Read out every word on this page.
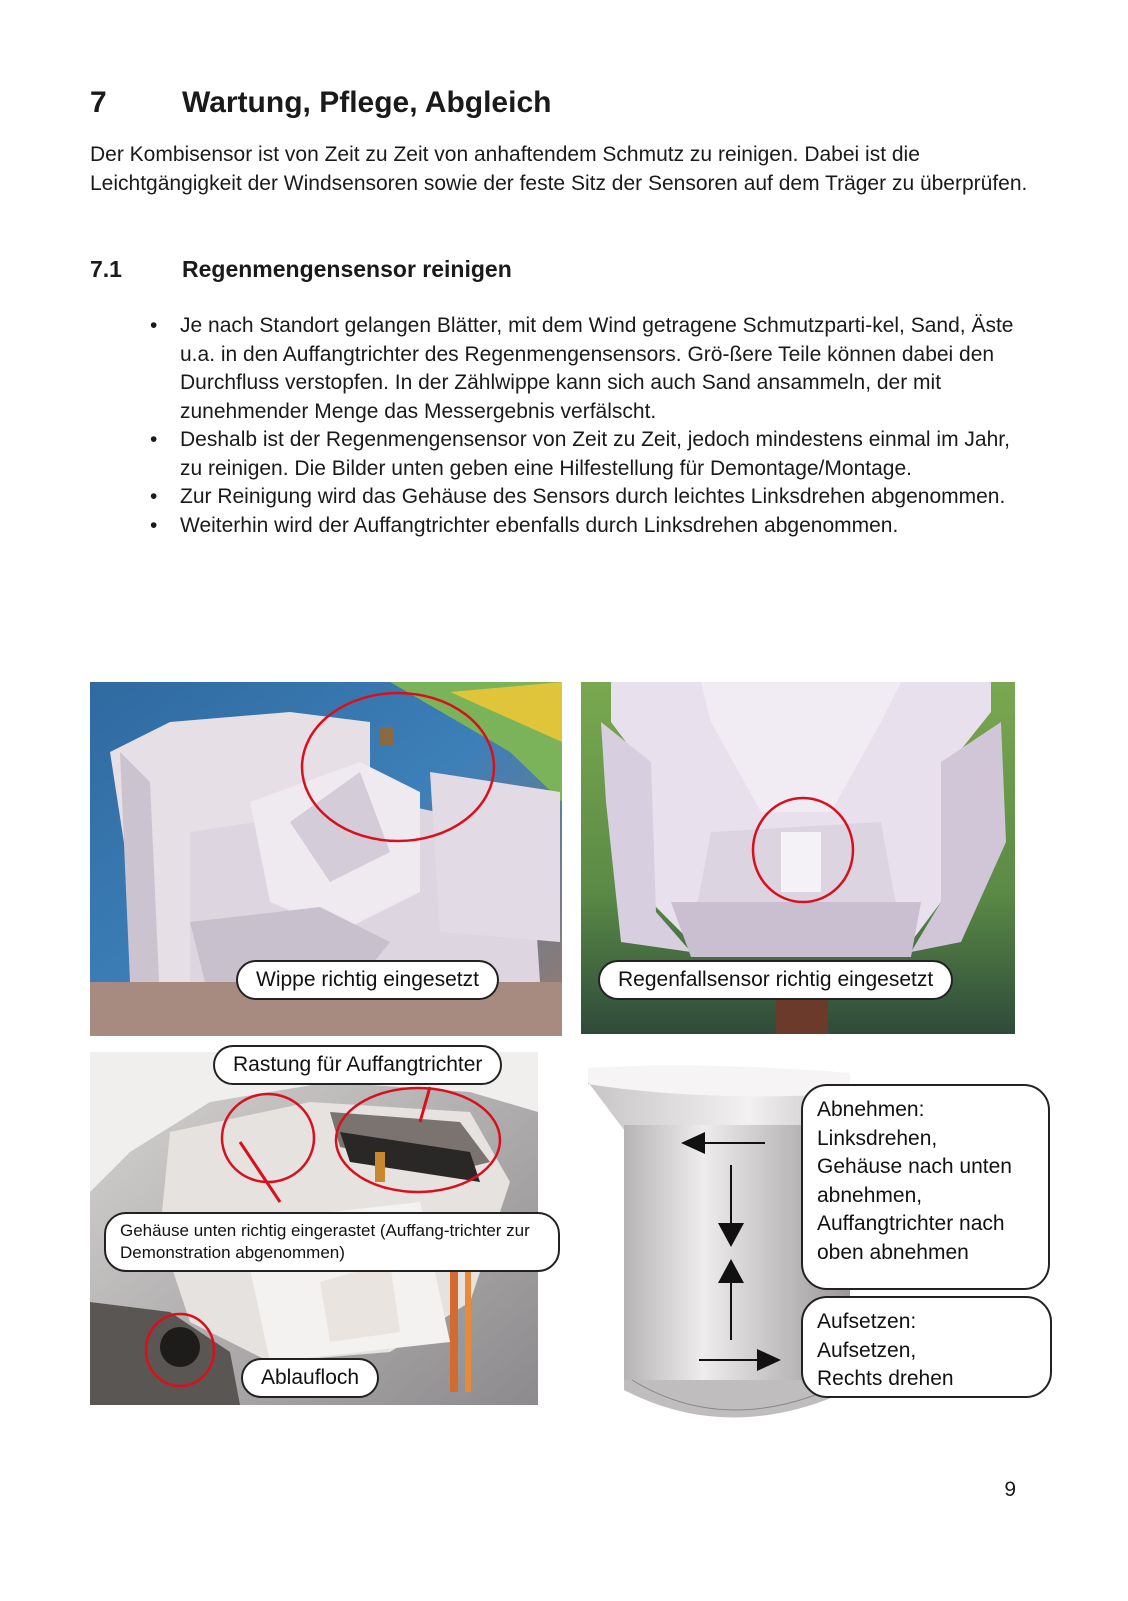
7	Wartung, Pflege, Abgleich
Der Kombisensor ist von Zeit zu Zeit von anhaftendem Schmutz zu reinigen. Dabei ist die Leichtgängigkeit der Windsensoren sowie der feste Sitz der Sensoren auf dem Träger zu überprüfen.
7.1	Regenmengensensor reinigen
• Je nach Standort gelangen Blätter, mit dem Wind getragene Schmutzparti-kel, Sand, Äste u.a. in den Auffangtrichter des Regenmengensensors. Grö-ßere Teile können dabei den Durchfluss verstopfen. In der Zählwippe kann sich auch Sand ansammeln, der mit zunehmender Menge das Messergebnis verfälscht.
• Deshalb ist der Regenmengensensor von Zeit zu Zeit, jedoch mindestens einmal im Jahr, zu reinigen. Die Bilder unten geben eine Hilfestellung für Demontage/Montage.
• Zur Reinigung wird das Gehäuse des Sensors durch leichtes Linksdrehen abgenommen.
• Weiterhin wird der Auffangtrichter ebenfalls durch Linksdrehen abgenommen.
Wippe richtig eingesetzt	Regenfallsensor richtig eingesetzt
Rastung für Auffangtrichter
Gehäuse unten richtig eingerastet (Auffang-trichter zur Demonstration abgenommen)
Ablaufloch
Abnehmen:
Linksdrehen,
Gehäuse nach unten
abnehmen,
Auffangtrichter nach
oben abnehmen
Aufsetzen:
Aufsetzen,
Rechts drehen
9
